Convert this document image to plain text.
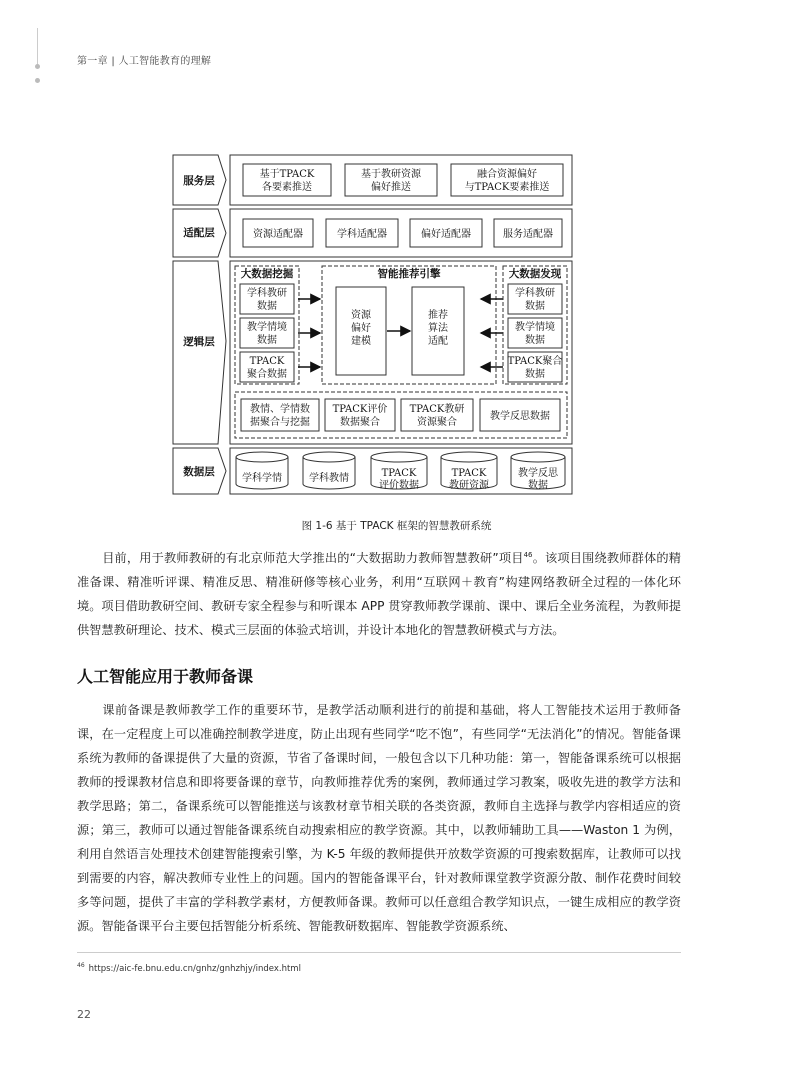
第一章 | 人工智能教育的理解
服务层
基于TPACK
各要素推送
基于教研资源
偏好推送
融合资源偏好
与TPACK要素推送
适配层	资源适配器	学科适配器	偏好适配器	服务适配器
逻辑层
大数据挖掘
学科教研
数据
教学情境
数据
TPACK
聚合数据
智能推荐引擎
资源
偏好
建模
推荐
算法
适配
大数据发现
学科教研
数据
教学情境
数据
TPACK聚合
数据
教情、学情数
据聚合与挖掘
TPACK评价
数据聚合
TPACK教研
资源聚合
教学反思数据
数据层
学科学情	学科教情	TPACK
评价数据
TPACK
教研资源
教学反思
数据
图 1-6 基于 TPACK 框架的智慧教研系统

目前，用于教师教研的有北京师范大学推出的“大数据助力教师智慧教研”项目$^{46}$。该项目围绕教师群体的精准备课、精准听评课、精准反思、精准研修等核心业务，利用“互联网＋教育”构建网络教研全过程的一体化环境。项目借助教研空间、教研专家全程参与和听课本 APP 贯穿教师教学课前、课中、课后全业务流程，为教师提供智慧教研理论、技术、模式三层面的体验式培训，并设计本地化的智慧教研模式与方法。

人工智能应用于教师备课

课前备课是教师教学工作的重要环节，是教学活动顺利进行的前提和基础，将人工智能技术运用于教师备课，在一定程度上可以准确控制教学进度，防止出现有些同学“吃不饱”，有些同学“无法消化”的情况。智能备课系统为教师的备课提供了大量的资源，节省了备课时间，一般包含以下几种功能：第一，智能备课系统可以根据教师的授课教材信息和即将要备课的章节，向教师推荐优秀的案例，教师通过学习教案，吸收先进的教学方法和教学思路；第二，备课系统可以智能推送与该教材章节相关联的各类资源，教师自主选择与教学内容相适应的资源；第三，教师可以通过智能备课系统自动搜索相应的教学资源。其中，以教师辅助工具——Waston 1 为例，利用自然语言处理技术创建智能搜索引擎，为 K-5 年级的教师提供开放数学资源的可搜索数据库，让教师可以找到需要的内容，解决教师专业性上的问题。国内的智能备课平台，针对教师课堂教学资源分散、制作花费时间较多等问题，提供了丰富的学科教学素材，方便教师备课。教师可以任意组合教学知识点，一键生成相应的教学资源。智能备课平台主要包括智能分析系统、智能教研数据库、智能教学资源系统、

$^{46}$ https://aic-fe.bnu.edu.cn/gnhz/gnhzhjy/index.html
22
